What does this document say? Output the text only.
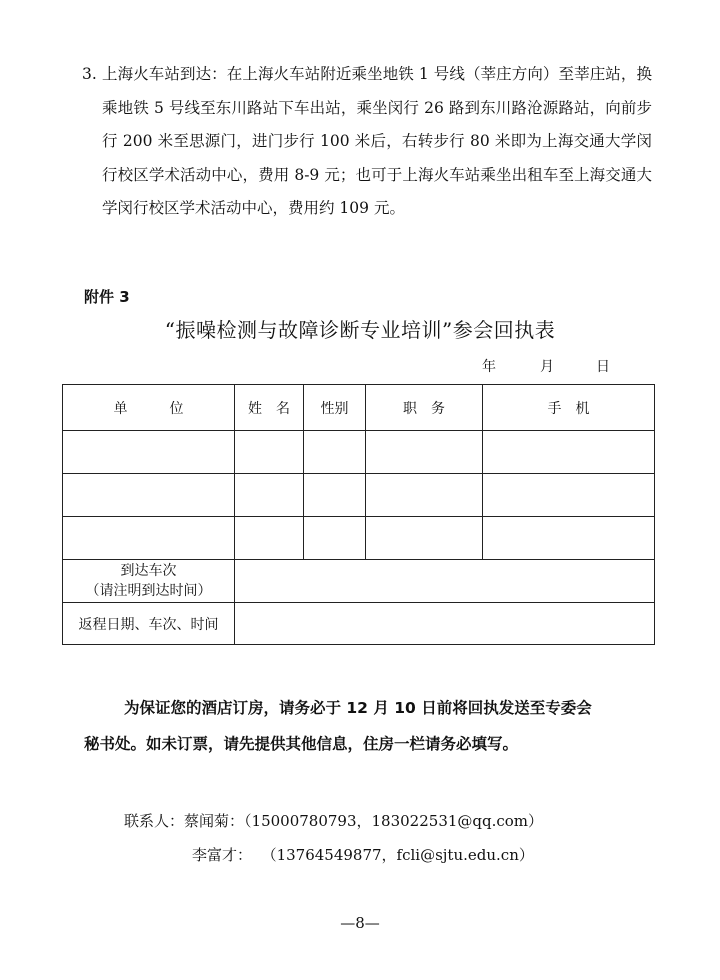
3. 上海火车站到达：在上海火车站附近乘坐地铁 1 号线（莘庄方向）至莘庄站，换乘地铁 5 号线至东川路站下车出站，乘坐闵行 26 路到东川路沧源路站，向前步行 200 米至思源门，进门步行 100 米后，右转步行 80 米即为上海交通大学闵行校区学术活动中心，费用 8-9 元；也可于上海火车站乘坐出租车至上海交通大学闵行校区学术活动中心，费用约 109 元。
附件 3
“振噪检测与故障诊断专业培训”参会回执表
年	月	日
单　　　位	姓　名	性别	职　务	手　机

到达车次
（请注明到达时间）				

返程日期、车次、时间				

为保证您的酒店订房，请务必于 12 月 10 日前将回执发送至专委会

秘书处。如未订票，请先提供其他信息，住房一栏请务必填写。

联系人：蔡闻菊：（15000780793，183022531@qq.com）
李富才： （13764549877，fcli@sjtu.edu.cn）
—8—
